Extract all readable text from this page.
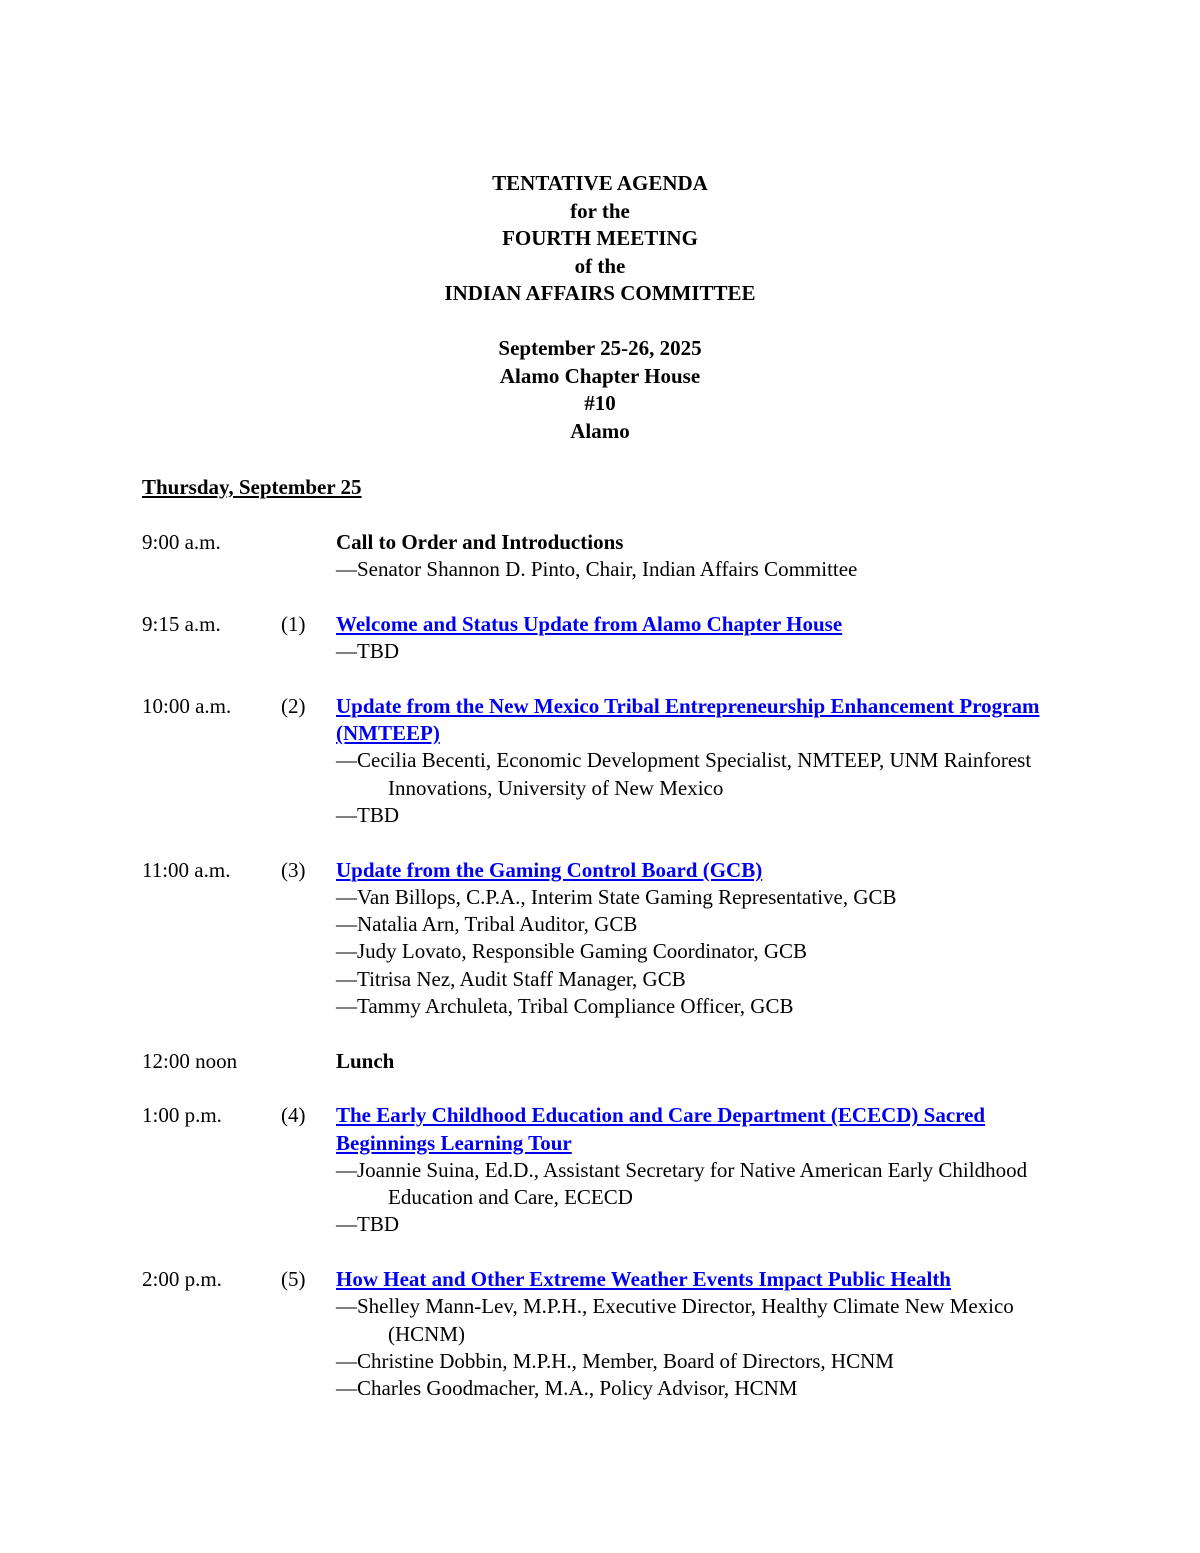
TENTATIVE AGENDA
for the
FOURTH MEETING
of the
INDIAN AFFAIRS COMMITTEE
September 25-26, 2025
Alamo Chapter House
#10
Alamo
Thursday, September 25
9:00 a.m.	Call to Order and Introductions
—Senator Shannon D. Pinto, Chair, Indian Affairs Committee
9:15 a.m.	(1) Welcome and Status Update from Alamo Chapter House
—TBD
10:00 a.m. (2) Update from the New Mexico Tribal Entrepreneurship Enhancement Program (NMTEEP)
—Cecilia Becenti, Economic Development Specialist, NMTEEP, UNM Rainforest Innovations, University of New Mexico
—TBD
11:00 a.m. (3) Update from the Gaming Control Board (GCB)
—Van Billops, C.P.A., Interim State Gaming Representative, GCB
—Natalia Arn, Tribal Auditor, GCB
—Judy Lovato, Responsible Gaming Coordinator, GCB
—Titrisa Nez, Audit Staff Manager, GCB
—Tammy Archuleta, Tribal Compliance Officer, GCB
12:00 noon	Lunch
1:00 p.m.	(4) The Early Childhood Education and Care Department (ECECD) Sacred Beginnings Learning Tour
—Joannie Suina, Ed.D., Assistant Secretary for Native American Early Childhood Education and Care, ECECD
—TBD
2:00 p.m.	(5) How Heat and Other Extreme Weather Events Impact Public Health
—Shelley Mann-Lev, M.P.H., Executive Director, Healthy Climate New Mexico (HCNM)
—Christine Dobbin, M.P.H., Member, Board of Directors, HCNM
—Charles Goodmacher, M.A., Policy Advisor, HCNM
